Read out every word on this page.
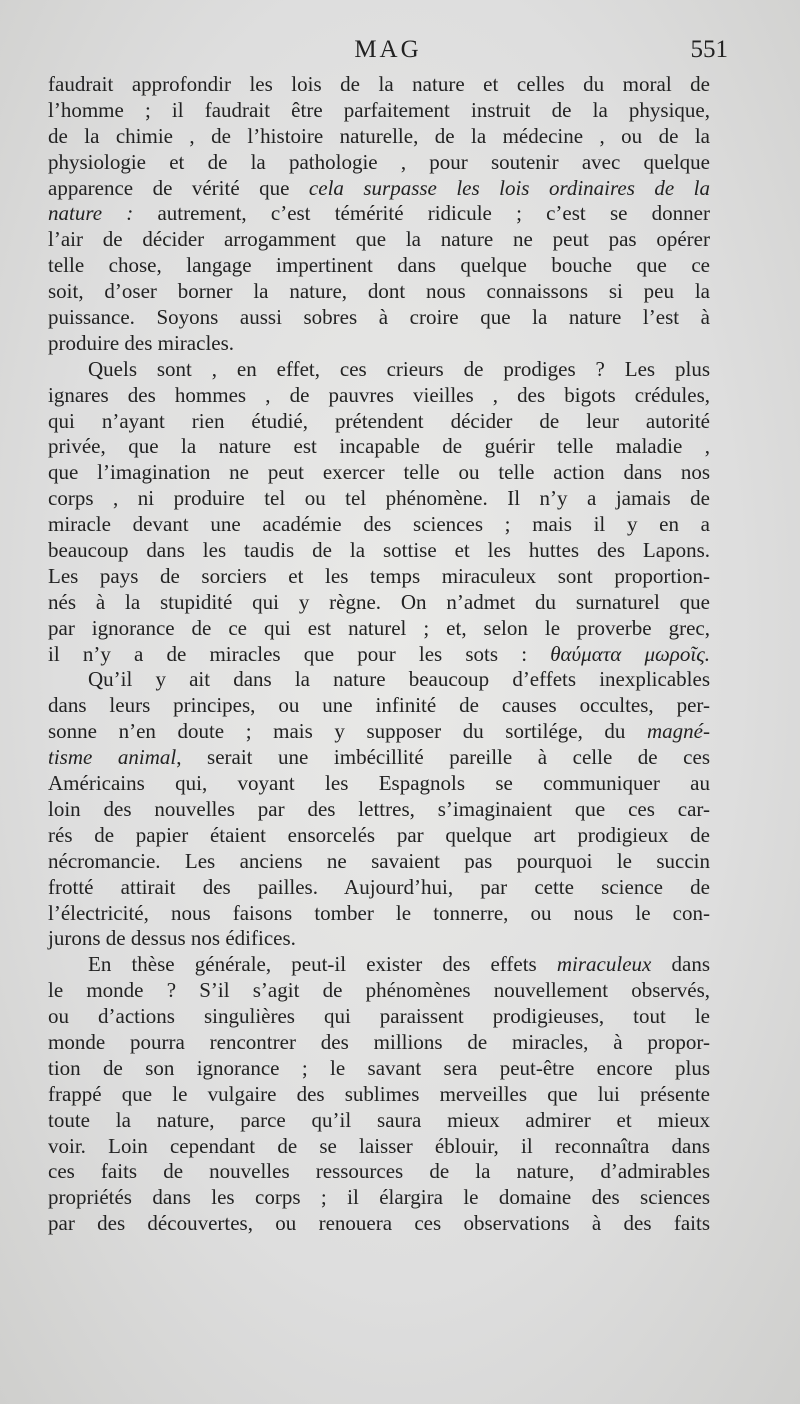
MAG	551
faudrait approfondir les lois de la nature et celles du moral de
l’homme ; il faudrait être parfaitement instruit de la physique,
de la chimie , de l’histoire naturelle, de la médecine , ou de la
physiologie et de la pathologie , pour soutenir avec quelque
apparence de vérité que cela surpasse les lois ordinaires de la
nature : autrement, c’est témérité ridicule ; c’est se donner
l’air de décider arrogamment que la nature ne peut pas opérer
telle chose, langage impertinent dans quelque bouche que ce
soit, d’oser borner la nature, dont nous connaissons si peu la
puissance. Soyons aussi sobres à croire que la nature l’est à
produire des miracles.
Quels sont , en effet, ces crieurs de prodiges ? Les plus
ignares des hommes , de pauvres vieilles , des bigots crédules,
qui n’ayant rien étudié, prétendent décider de leur autorité
privée, que la nature est incapable de guérir telle maladie ,
que l’imagination ne peut exercer telle ou telle action dans nos
corps , ni produire tel ou tel phénomène. Il n’y a jamais de
miracle devant une académie des sciences ; mais il y en a
beaucoup dans les taudis de la sottise et les huttes des Lapons.
Les pays de sorciers et les temps miraculeux sont proportion-
nés à la stupidité qui y règne. On n’admet du surnaturel que
par ignorance de ce qui est naturel ; et, selon le proverbe grec,
il n’y a de miracles que pour les sots : θαύματα μωροῖς.
Qu’il y ait dans la nature beaucoup d’effets inexplicables
dans leurs principes, ou une infinité de causes occultes, per-
sonne n’en doute ; mais y supposer du sortilége, du magné-
tisme animal, serait une imbécillité pareille à celle de ces
Américains qui, voyant les Espagnols se communiquer au
loin des nouvelles par des lettres, s’imaginaient que ces car-
rés de papier étaient ensorcelés par quelque art prodigieux de
nécromancie. Les anciens ne savaient pas pourquoi le succin
frotté attirait des pailles. Aujourd’hui, par cette science de
l’électricité, nous faisons tomber le tonnerre, ou nous le con-
jurons de dessus nos édifices.
En thèse générale, peut-il exister des effets miraculeux dans
le monde ? S’il s’agit de phénomènes nouvellement observés,
ou d’actions singulières qui paraissent prodigieuses, tout le
monde pourra rencontrer des millions de miracles, à propor-
tion de son ignorance ; le savant sera peut-être encore plus
frappé que le vulgaire des sublimes merveilles que lui présente
toute la nature, parce qu’il saura mieux admirer et mieux
voir. Loin cependant de se laisser éblouir, il reconnaîtra dans
ces faits de nouvelles ressources de la nature, d’admirables
propriétés dans les corps ; il élargira le domaine des sciences
par des découvertes, ou renouera ces observations à des faits
